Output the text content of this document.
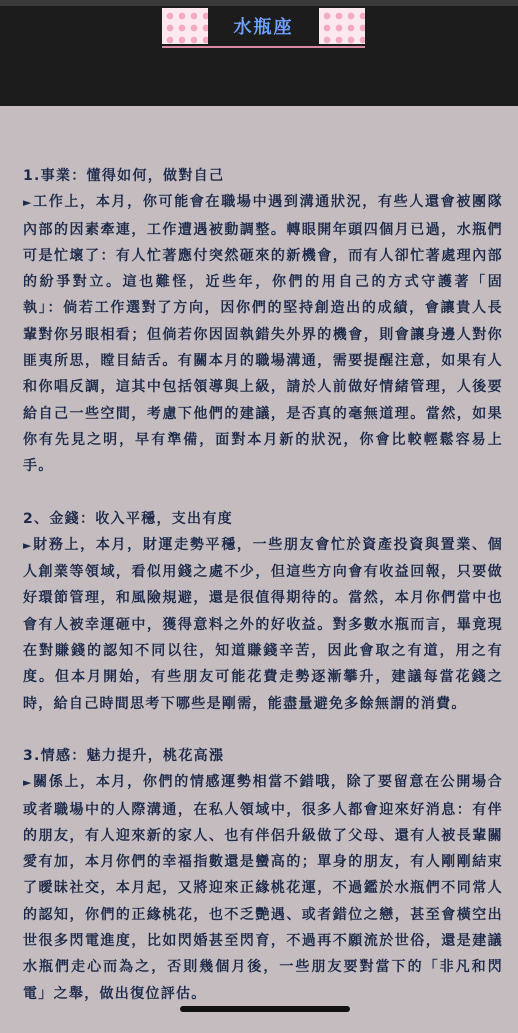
水瓶座

1.事業：懂得如何，做對自己

►工作上，本月，你可能會在職場中遇到溝通狀況，有些人還會被團隊內部的因素牽連，工作遭遇被動調整。轉眼開年頭四個月已過，水瓶們可是忙壞了：有人忙著應付突然砸來的新機會，而有人卻忙著處理內部的紛爭對立。這也難怪，近些年，你們的用自己的方式守護著「固執」：倘若工作選對了方向，因你們的堅持創造出的成績，會讓貴人長輩對你另眼相看；但倘若你因固執錯失外界的機會，則會讓身邊人對你匪夷所思，瞠目結舌。有關本月的職場溝通，需要提醒注意，如果有人和你唱反調，這其中包括領導與上級，請於人前做好情緒管理，人後要給自己一些空間，考慮下他們的建議，是否真的毫無道理。當然，如果你有先見之明，早有準備，面對本月新的狀況，你會比較輕鬆容易上手。

2、金錢：收入平穩，支出有度

►財務上，本月，財運走勢平穩，一些朋友會忙於資產投資與置業、個人創業等領域，看似用錢之處不少，但這些方向會有收益回報，只要做好環節管理，和風險規避，還是很值得期待的。當然，本月你們當中也會有人被幸運砸中，獲得意料之外的好收益。對多數水瓶而言，畢竟現在對賺錢的認知不同以往，知道賺錢辛苦，因此會取之有道，用之有度。但本月開始，有些朋友可能花費走勢逐漸攀升，建議每當花錢之時，給自己時間思考下哪些是剛需，能盡量避免多餘無謂的消費。

3.情感：魅力提升，桃花高漲

►關係上，本月，你們的情感運勢相當不錯哦，除了要留意在公開場合或者職場中的人際溝通，在私人領域中，很多人都會迎來好消息：有伴的朋友，有人迎來新的家人、也有伴侶升級做了父母、還有人被長輩關愛有加，本月你們的幸福指數還是蠻高的；單身的朋友，有人剛剛結束了曖昧社交，本月起，又將迎來正緣桃花運，不過鑑於水瓶們不同常人的認知，你們的正緣桃花，也不乏艷遇、或者錯位之戀，甚至會橫空出世很多閃電進度，比如閃婚甚至閃育，不過再不願流於世俗，還是建議水瓶們走心而為之，否則幾個月後，一些朋友要對當下的「非凡和閃電」之舉，做出復位評估。
